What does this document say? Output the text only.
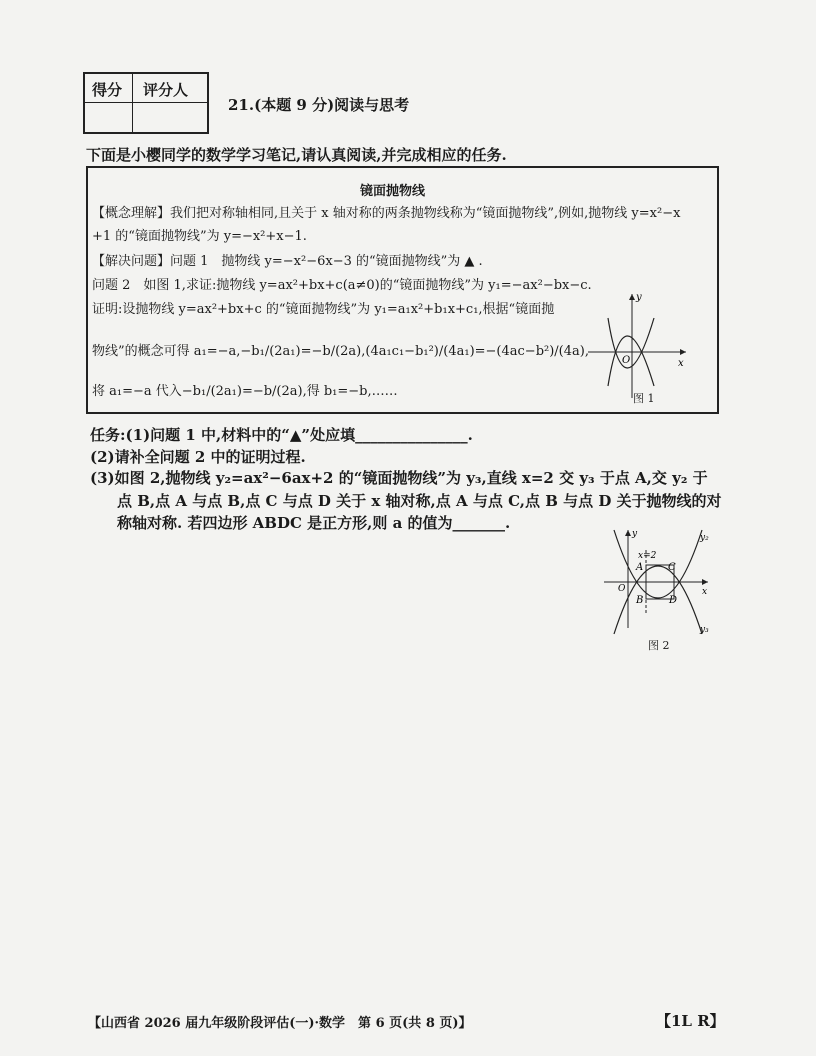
得分 评分人
21.(本题 9 分)阅读与思考
下面是小樱同学的数学学习笔记,请认真阅读,并完成相应的任务.
镜面抛物线
【概念理解】我们把对称轴相同,且关于 x 轴对称的两条抛物线称为“镜面抛物线”,例如,抛物线 y=x²−x
+1 的“镜面抛物线”为 y=−x²+x−1.
【解决问题】问题 1　抛物线 y=−x²−6x−3 的“镜面抛物线”为 ▲ .
问题 2　如图 1,求证:抛物线 y=ax²+bx+c(a≠0)的“镜面抛物线”为 y₁=−ax²−bx−c.
证明:设抛物线 y=ax²+bx+c 的“镜面抛物线”为 y₁=a₁x²+b₁x+c₁,根据“镜面抛
物线”的概念可得 a₁=−a,−b₁/(2a₁)=−b/(2a),(4a₁c₁−b₁²)/(4a₁)=−(4ac−b²)/(4a),
将 a₁=−a 代入−b₁/(2a₁)=−b/(2a),得 b₁=−b,……
y
x
O
图 1
任务:(1)问题 1 中,材料中的“▲”处应填_______________.
(2)请补全问题 2 中的证明过程.
(3)如图 2,抛物线 y₂=ax²−6ax+2 的“镜面抛物线”为 y₃,直线 x=2 交 y₃ 于点 A,交 y₂ 于
点 B,点 A 与点 B,点 C 与点 D 关于 x 轴对称,点 A 与点 C,点 B 与点 D 关于抛物线的对
称轴对称. 若四边形 ABDC 是正方形,则 a 的值为_______.
y
x
O
x=2
A
B
C
D
y₂
y₃
图 2
【山西省 2026 届九年级阶段评估(一)·数学　第 6 页(共 8 页)】	【1L R】
